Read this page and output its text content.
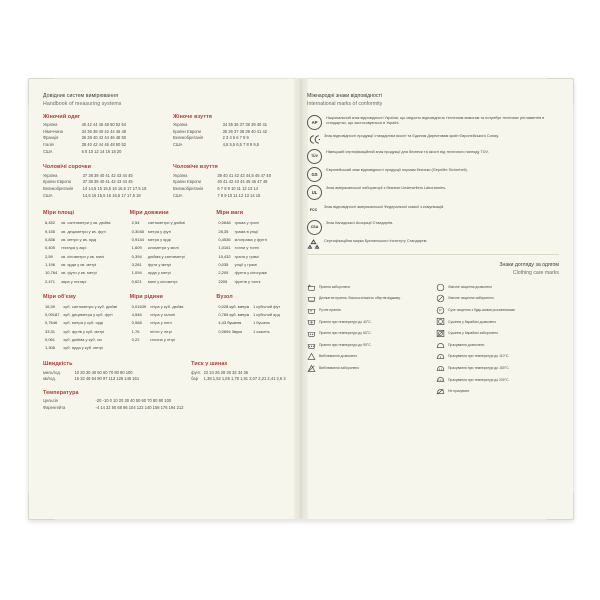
Довідник систем вимірювання
Handbook of measuring systems
Жіночий одяг
Україна	40 42 44 46 48 50 52 54
Німеччина	34 36 38 40 42 44 46 48
Франція	36 38 40 42 44 46 48 50
Італія	38 40 42 44 46 48 50 52
США	6 8 10 12 14 16 18 20
Жіноче взуття
Україна	34 35 36 37 38 39 40 41
Країни Європи	35 36 37 38 39 40 41 42
Великобританія	2 3 4 5 6 7 8 9
США	4,5 5,5 6,5 7 8 9 9,5
Чоловічі сорочки
Україна	37 38 39 40 41 42 43 44 45
Країни Європи	37 38 39 40 41 42 43 44 45
Великобританія	14 14,5 15 15,5 16 16,5 17 17,5 18
США	14,5 15 15,5 16 16,5 17 17,5 18
Чоловіче взуття
Україна	39 40 41 42 43 44,5 46 47 48
Країни Європи	40 41 42 43 44 45 46 47 48
Великобританія	6 7 8 9 10 11 12 13 14
США	7 8 9 10 11 12 13 14 15
Міри площі
6,452	кв. сантиметри у кв. дюймі
9,155	кв. дециметри у кв. футі
0,836	кв. метри у кв. ярді
0,405	гектара у акрі
2,59	кв. кілометри у кв. милі
1,196	кв. ярди у кв. метрі
10,764	кв. фути у кв. метрі
2,471	акра у гектарі
Міри довжини
2,54	сантиметри у дюймі
0,3048	метра у футі
0,9144	метра у ярді
1,609	кілометри у милі
0,394	дюйма у сантиметрі
3,281	фути у метрі
1,094	ярда у метрі
0,621	милі у кілометрі
Міри ваги
0,0648	грама у грані
28,35	грама в унції
0,4536	кілограма у фунті
1,0161	тонни у тонні
15,432	грана у грамі
0,035	унції у грамі
2,205	фунта у кілограмі
2205	фунтів у тонні
Міри об'єму
16,39	куб. сантиметри у куб. дюймі
0,09187	куб. дециметра у куб. футі
0,7646	куб. метра у куб. ярді
33,31	куб. футів у куб. метрі
0,061	куб. дюйма у куб. см
1,308	куб. ярда у куб. метрі
Міри рідини
0,01639	літра у куб. дюймі
4,546	літра у галоні
0,568	літра у пінті
1,76	пінти у літрі
0,22	галона у літрі
Вузол
0,028 куб. метра	1 кубічний фут
0,765 куб. метра	1 кубічний ярд
4,43 бушеля	1 бушель
0,0694 Звуко	1 сажень
Швидкість
миль/год.	10 20 30 40 50 60 70 80 90 100
км/год.	16 32 48 64 80 97 113 129 145 161
Тиск у шинах
фунт.	22 24 26 28 30 32 34 36
бар	1,38 1,52 1,65 1,79 1,91 2,07 2,21 2,41 2,6 3
Температура
Цельсія	-20 -10 0 10 20 30 40 50 60 70 80 90 100
Фаренгейта	-4 14 32 50 68 86 104 122 140 158 176 194 212
Міжнародні знаки відповідності
International marks of conformity
AP
Національний знак відповідності України, що свідчить відповідність технічним вимогам та потребує технічних регламентів в стандартах, що застосовуються в Україні.
Знак відповідності продукції стандартам якості та Єдиним Директивам країн Європейського Союзу.
TÜV
Німецький сертифікаційний знак продукції для безпеки та якості від технічного нагляду TÜV.
GS
Європейський знак відповідності продукції нормам безпеки (Geprüfte Sicherheit).
UL
Знак американської лабораторії з безпеки Underwriters Laboratories.
FCC
Знак відповідності американської Федеральної комісії з комунікацій.
CSA
Знак Канадської Асоціації Стандартів.
Сертифікаційна марка Британського Інституту Стандартів.
Знаки догляду за одягом
Clothing care marks
Прання заборонено
Делікатне прання. Висока кількість обертів віджиму.
Ручне прання
Прання при температурі до 40°C.
Прання при температурі до 60°C.
Прання при температурі до 95°C.
Вибілювання дозволено
Вибілювання заборонено
Хімічне чищення дозволено
Хімічне чищення заборонено
P Сухе чищення з будь-якими розчинниками
Сушіння у барабані дозволено
Сушіння у барабані заборонено
Прасування дозволено
Прасування при температурі до 110°C.
Прасування при температурі до 150°C.
Прасування при температурі до 200°C.
Не прасувати
